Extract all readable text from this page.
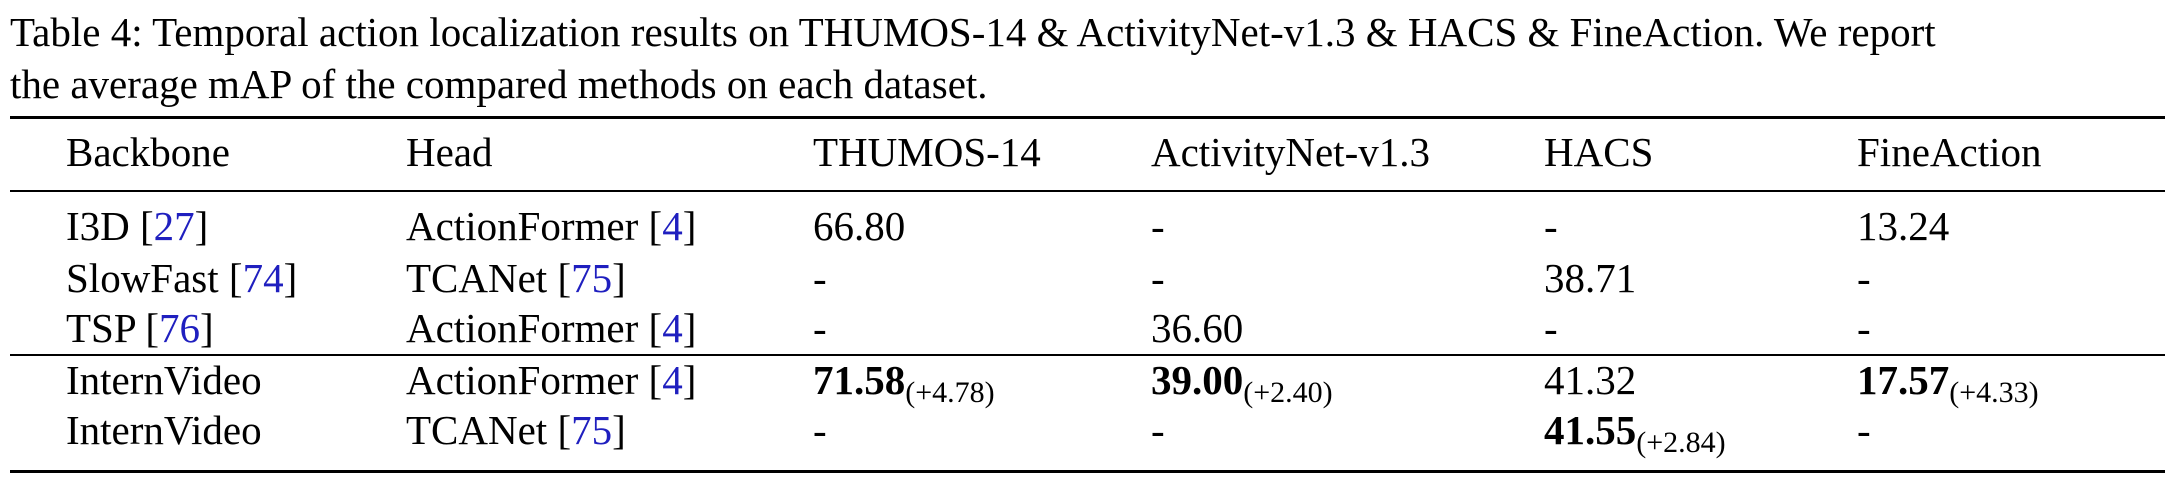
Table 4: Temporal action localization results on THUMOS-14 & ActivityNet-v1.3 & HACS & FineAction. We report
the average mAP of the compared methods on each dataset.
Backbone	Head	THUMOS-14	ActivityNet-v1.3	HACS	FineAction
I3D [27]	ActionFormer [4]	66.80	-	-	13.24
SlowFast [74]	TCANet [75]	-	-	38.71	-
TSP [76]	ActionFormer [4]	-	36.60	-	-
InternVideo	ActionFormer [4]	71.58(+4.78)	39.00(+2.40)	41.32	17.57(+4.33)
InternVideo	TCANet [75]	-	-	41.55(+2.84)	-
